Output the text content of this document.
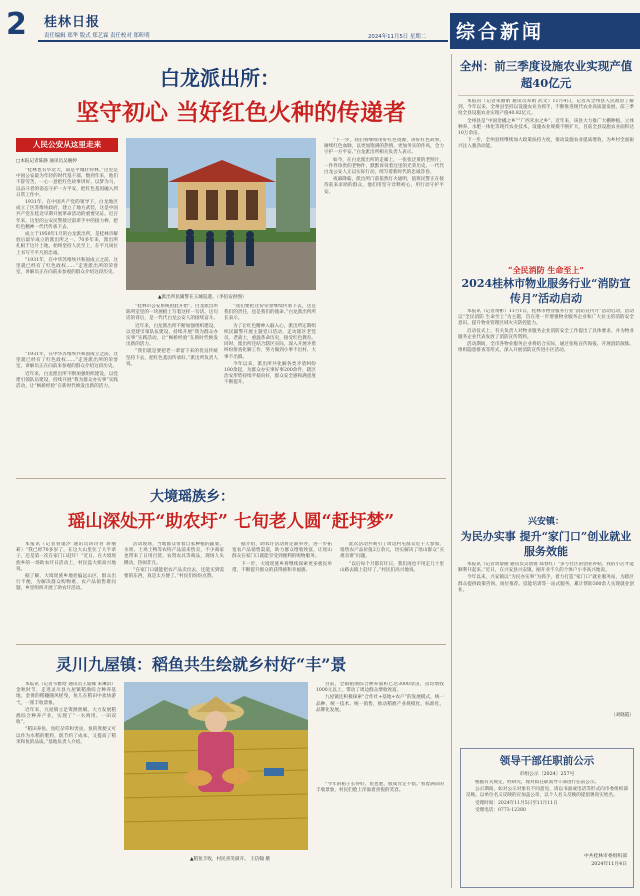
2 桂林日报
责任编辑 郑华 版式 郑艺霖 责任校对 郑昕明	2024年11月5日 星期二 综合新闻
白龙派出所：
坚守初心 当好红色火种的传递者
人民公安从这里走来
□本报记者陈静 通讯员吴婉婷

“桂林也有华北天，南是平城壮特林。”这里是中国公安最为年轻的时代基干部，数到年来，他们不辞劳苦，一心一意把红色故事讲好、以梦为马，以奋斗者的姿态守护一方平安，把红色基因融入到日常工作中。

1931年，在中国共产党的领导下，白龙地区成立了区苏维埃政府，建立了地方武装，这是中国共产党在桂北早期开展革命活动的重要见证。近百年来，这里的公安民警接过前辈手中的接力棒，把红色精神一代代传承下去。

成立于1950年1月的白龙派出所，是桂林市解放后最早成立的派出所之一。70多年来，派出所扎根于这片土地，始终坚持人民至上，在平凡岗位上书写不平凡的忠诚。

“1931年，在中华苏维埃共和国成立之前，这里就已经有了红色政权……”走进派出所的荣誉室，讲解员正在向前来参观的群众介绍这段历史。

▲派出所民辅警在玉城巡逻。（李伯安供图）

“桂林市公安系统由此开始”，白龙派出所陈列室里的一块展板上写着这样一句话。这句话的背后，是一代代白龙公安人的接续奋斗。

近年来，白龙派出所不断加强组织建设，以党建引领队伍建设，持续开展“我为群众办实事”实践活动，让“枫桥经验”在新时代焕发出新的活力。

“我们就是要把老一辈留下来的优良传统坚持下去，把红色基因传承好。”派出所负责人说。

“我们要把这份荣誉继续传承下去，这是我们的责任，也是我们的使命。”白龙派出所所长表示。

为了让红色精神入脑入心，派出所定期组织民辅警开展主题党日活动，走访辖区老党员、老战士，重温革命历史，接受红色教育。同时，派出所还结合辖区实际，深入开展矛盾纠纷排查化解工作，努力做到小事不出村、大事不出镇。

今年以来，派出所共化解各类矛盾纠纷100余起，为群众办实事好事200余件，辖区治安形势持续平稳向好，群众安全感和满意度不断提升。

“下一步，我们将继续用好红色资源，讲好红色故事，赓续红色血脉，以更加饱满的热情、更加务实的作风，全力守护一方平安。”白龙派出所相关负责人表示。

如今，在白龙派出所的走廊上，一张张泛黄的老照片，一件件珍贵的老物件，默默诉说着这里的光荣历史。一代代白龙公安人正以实际行动，续写着新时代的忠诚答卷。

夜幕降临，派出所门前依然灯火通明，值班民警正在接待前来求助的群众，他们用坚守诠释初心，用行动守护平安。

“1931年，在中华苏维埃共和国成立之前，这里就已经有了红色政权……”走进派出所的荣誉室，讲解员正在向前来参观的群众介绍这段历史。

近年来，白龙派出所不断加强组织建设，以党建引领队伍建设，持续开展“我为群众办实事”实践活动，让“枫桥经验”在新时代焕发出新的活力。

大境瑶族乡：
瑶山深处开“助农圩” 七旬老人圆“赶圩梦”

本报讯（记者曾谨汐 通讯员蒋玲君 蒋丽莉）“我已经70多岁了，在这大山里住了大半辈子，还是第一次在家门口赶圩！”近日，在大境瑶族乡的一场助农圩日活动上，村民盘大姐高兴地说。

据了解，大境瑶族乡地处偏远山区，群众出行不便，为解决群众购物难、农产品销售难问题，乡里组织开展了助农圩活动。

活动现场，当地群众带着自家种植的蔬菜、水果、土鸡土鸭等农特产品前来售卖，不少商家也带来了日用百货、农资农具等商品，现场人头攒动，热闹非凡。

“在家门口就能把农产品卖出去，还能买到需要的东西，真是太方便了。”村民们纷纷点赞。

据介绍，助农圩活动将定期举办，进一步拓宽农产品销售渠道，助力群众增收致富，让瑶山群众在家门口就能享受到便利的购物服务。

下一步，大境瑶族乡将继续探索更多惠民举措，不断提升群众的获得感和幸福感。

此次活动共吸引了周边村屯群众近千人参加，销售农产品价值2万余元，切实解决了瑶山群众“买难卖难”问题。

“以后每个月都有圩日，我们再也不用走几十里山路去镇上赶圩了。”村民们高兴地说。

灵川九屋镇：稻鱼共生绘就乡村好“丰”景

本报讯（记者韦雅晗 通讯员王迪娜 朱琳淇）金秋时节，走进灵川县九屋镇稻渔综合种养基地，金黄的稻穗随风摇曳，鱼儿在稻田中欢快游弋，一派丰收景象。

近年来，九屋镇立足资源禀赋，大力发展稻渔综合种养产业，实现了“一水两用、一田双收”。

“稻田养鱼，鱼吃杂草和害虫，鱼的粪便又可以作为水稻的肥料，既节约了成本，又提高了稻米和鱼的品质。”基地负责人介绍。

▲稻鱼丰收，村民喜笑颜开。 王信翰 摄

目前，全镇稻渔综合种养面积已达3000余亩，亩均增收1000元以上，带动了周边群众增收致富。

九屋镇还积极探索“合作社+基地+农户”的发展模式，统一品种、统一技术、统一销售，推动稻渔产业规模化、标准化、品牌化发展。

“今年的稻子长得好，鱼也肥，收成肯定不错。”看着满田的丰收景象，村民们脸上洋溢着喜悦的笑容。

全州：前三季度设施农业实现产值超40亿元

本报讯（记者朱丽娟 通讯员邓娟 武文）11月4日，记者从全州县人民政府了解到，今年以来，全州县坚持以设施农业为抓手，不断推进现代农业高质量发展，前三季度全县设施农业实现产值40.82亿元。

全州县是“中国金橘之乡”“广西禾虫之乡”，近年来，该县大力推广大棚种植、立体种养、水肥一体化等现代农业技术，设施农业规模不断扩大，目前全县设施农业面积达10万余亩。

下一步，全州县将继续加大政策扶持力度，推动设施农业提质增效，为乡村全面振兴注入强劲动能。

“全民消防 生命至上”
2024桂林市物业服务行业“消防宣传月”活动启动

本报讯（记者黄彬）11月1日，桂林市物业服务行业“消防宣传月”活动启动，活动以“全民消防 生命至上”为主题，旨在进一步增强物业服务企业和广大业主的消防安全意识，提升物业管理区域火灾防控能力。

启动仪式上，有关负责人对物业服务企业消防安全工作提出了具体要求，并为物业服务企业代表发放了消防宣传资料。

活动期间，全市各物业服务企业将结合实际，通过张贴宣传海报、开展消防演练、组织隐患排查等形式，深入开展消防宣传进小区活动。

兴安镇：
为民办实事 提升“家门口”创业就业服务效能

本报讯（记者周黎丽 通讯员吴倩倩 郑春红）“多亏社区的创业补贴，我的小店才能顺利开起来。”近日，在兴安县兴安镇，刚开业不久的个体户小李高兴地说。

今年以来，兴安镇以“为民办实事”为抓手，着力打造“家门口”就业服务站，为辖区群众提供政策咨询、岗位推荐、技能培训等一站式服务，累计帮助300余人实现就业创业。

（刘晓霞）
领导干部任职前公示
市组公示〔2024〕257号

根据有关规定，经研究，现对拟任职领导干部进行任前公示。

公示期间，如对公示对象有不同意见，请以书面或电话等形式向市委组织部反映。以单位名义反映的应加盖公章，以个人名义反映的提倡署真实姓名。

受理时间：2024年11月5日至11月11日

受理电话：0773-12380

中共桂林市委组织部
2024年11月4日
